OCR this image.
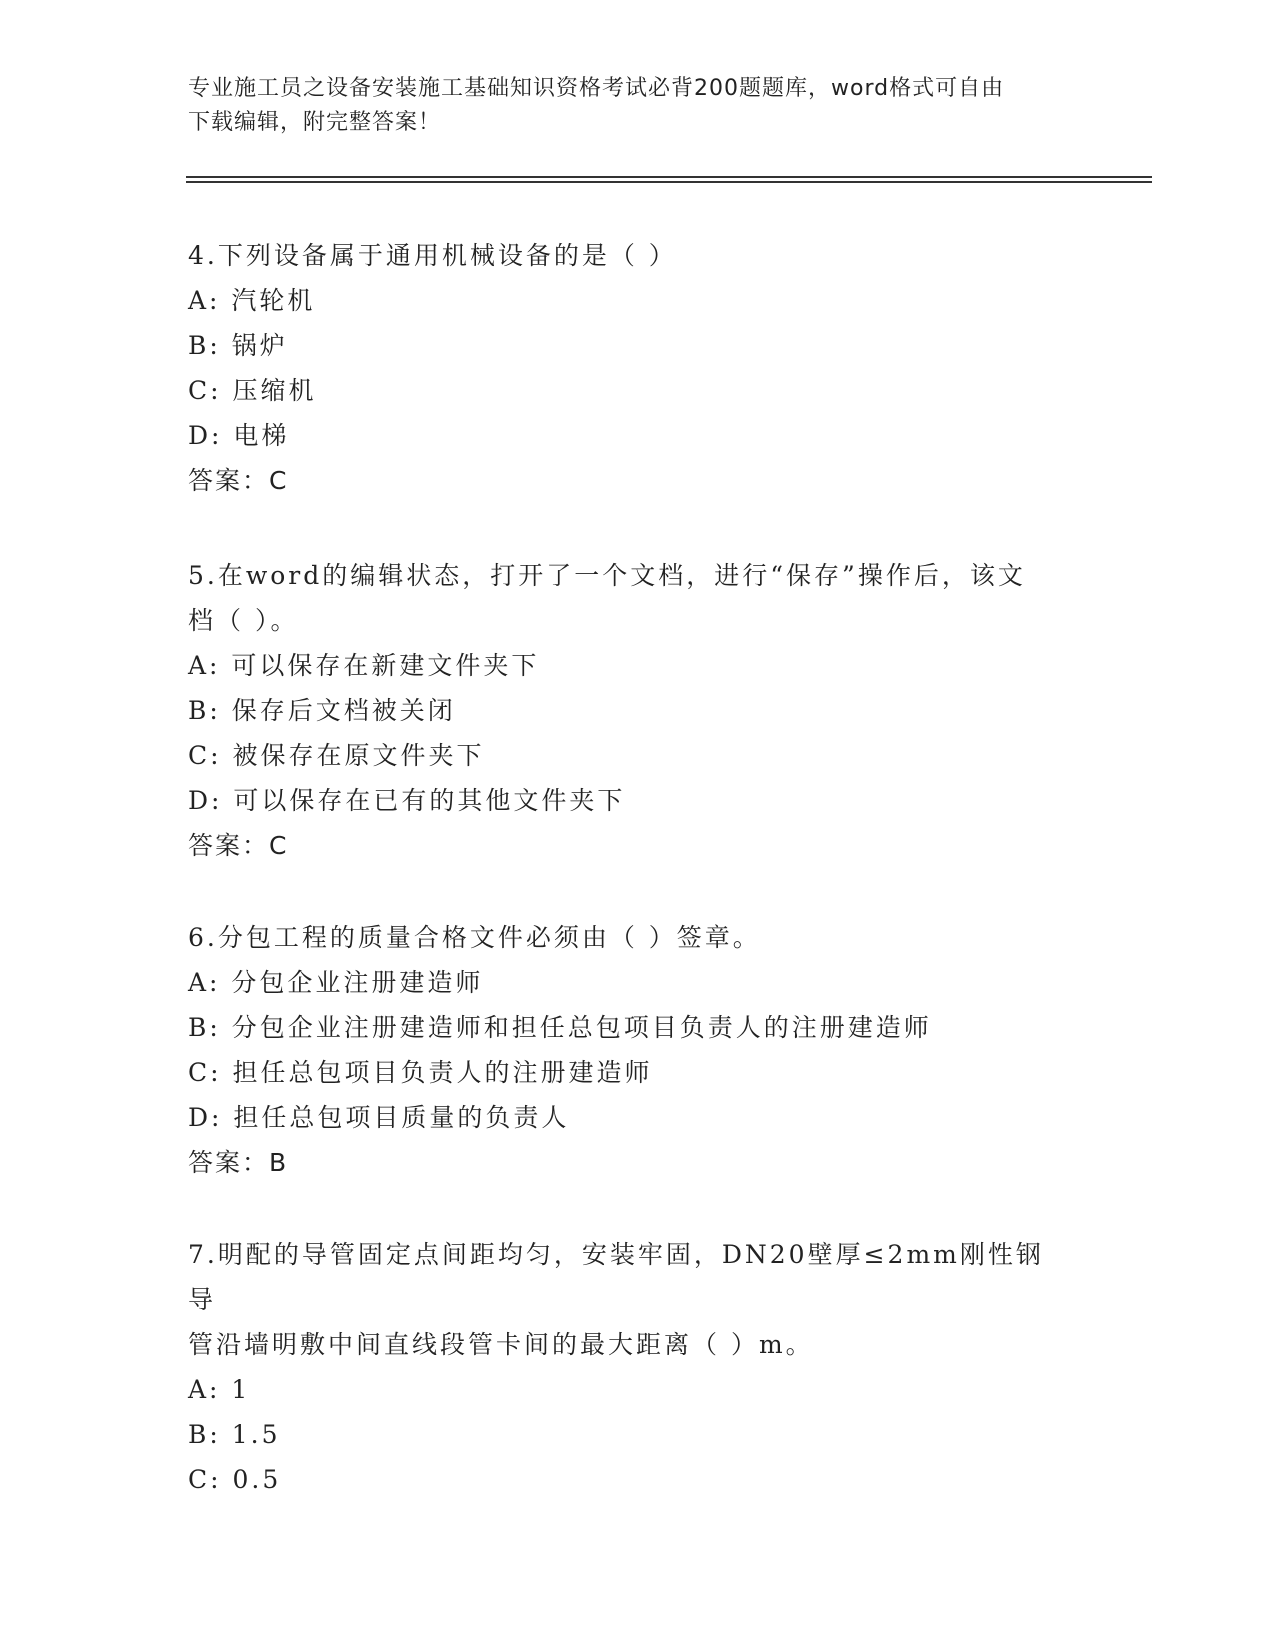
专业施工员之设备安装施工基础知识资格考试必背200题题库，word格式可自由
下载编辑，附完整答案！

4.下列设备属于通用机械设备的是（ ）

A: 汽轮机

B: 锅炉

C: 压缩机

D: 电梯

答案：C

5.在word的编辑状态，打开了一个文档，进行“保存”操作后，该文

档（ ）。

A: 可以保存在新建文件夹下

B: 保存后文档被关闭

C: 被保存在原文件夹下

D: 可以保存在已有的其他文件夹下

答案：C

6.分包工程的质量合格文件必须由（ ）签章。

A: 分包企业注册建造师

B: 分包企业注册建造师和担任总包项目负责人的注册建造师

C: 担任总包项目负责人的注册建造师

D: 担任总包项目质量的负责人

答案：B

7.明配的导管固定点间距均匀，安装牢固，DN20壁厚≤2mm刚性钢导

管沿墙明敷中间直线段管卡间的最大距离（ ）m。

A: 1

B: 1.5

C: 0.5
